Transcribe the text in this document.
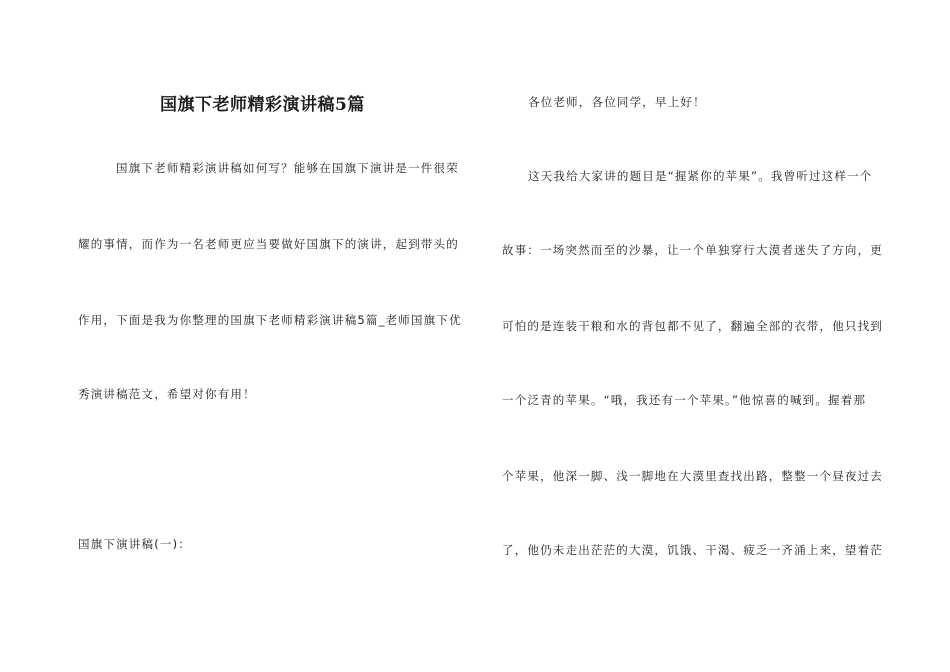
国旗下老师精彩演讲稿5篇
国旗下老师精彩演讲稿如何写？能够在国旗下演讲是一件很荣
耀的事情，而作为一名老师更应当要做好国旗下的演讲，起到带头的
作用，下面是我为你整理的国旗下老师精彩演讲稿5篇_老师国旗下优
秀演讲稿范文，希望对你有用！
国旗下演讲稿(一)：
各位老师，各位同学，早上好！
这天我给大家讲的题目是“握紧你的苹果”。我曾听过这样一个
故事：一场突然而至的沙暴，让一个单独穿行大漠者迷失了方向，更
可怕的是连装干粮和水的背包都不见了，翻遍全部的衣带，他只找到
一个泛青的苹果。“哦，我还有一个苹果。”他惊喜的喊到。握着那
个苹果，他深一脚、浅一脚地在大漠里查找出路，整整一个昼夜过去
了，他仍未走出茫茫的大漠，饥饿、干渴、疲乏一齐涌上来，望着茫
